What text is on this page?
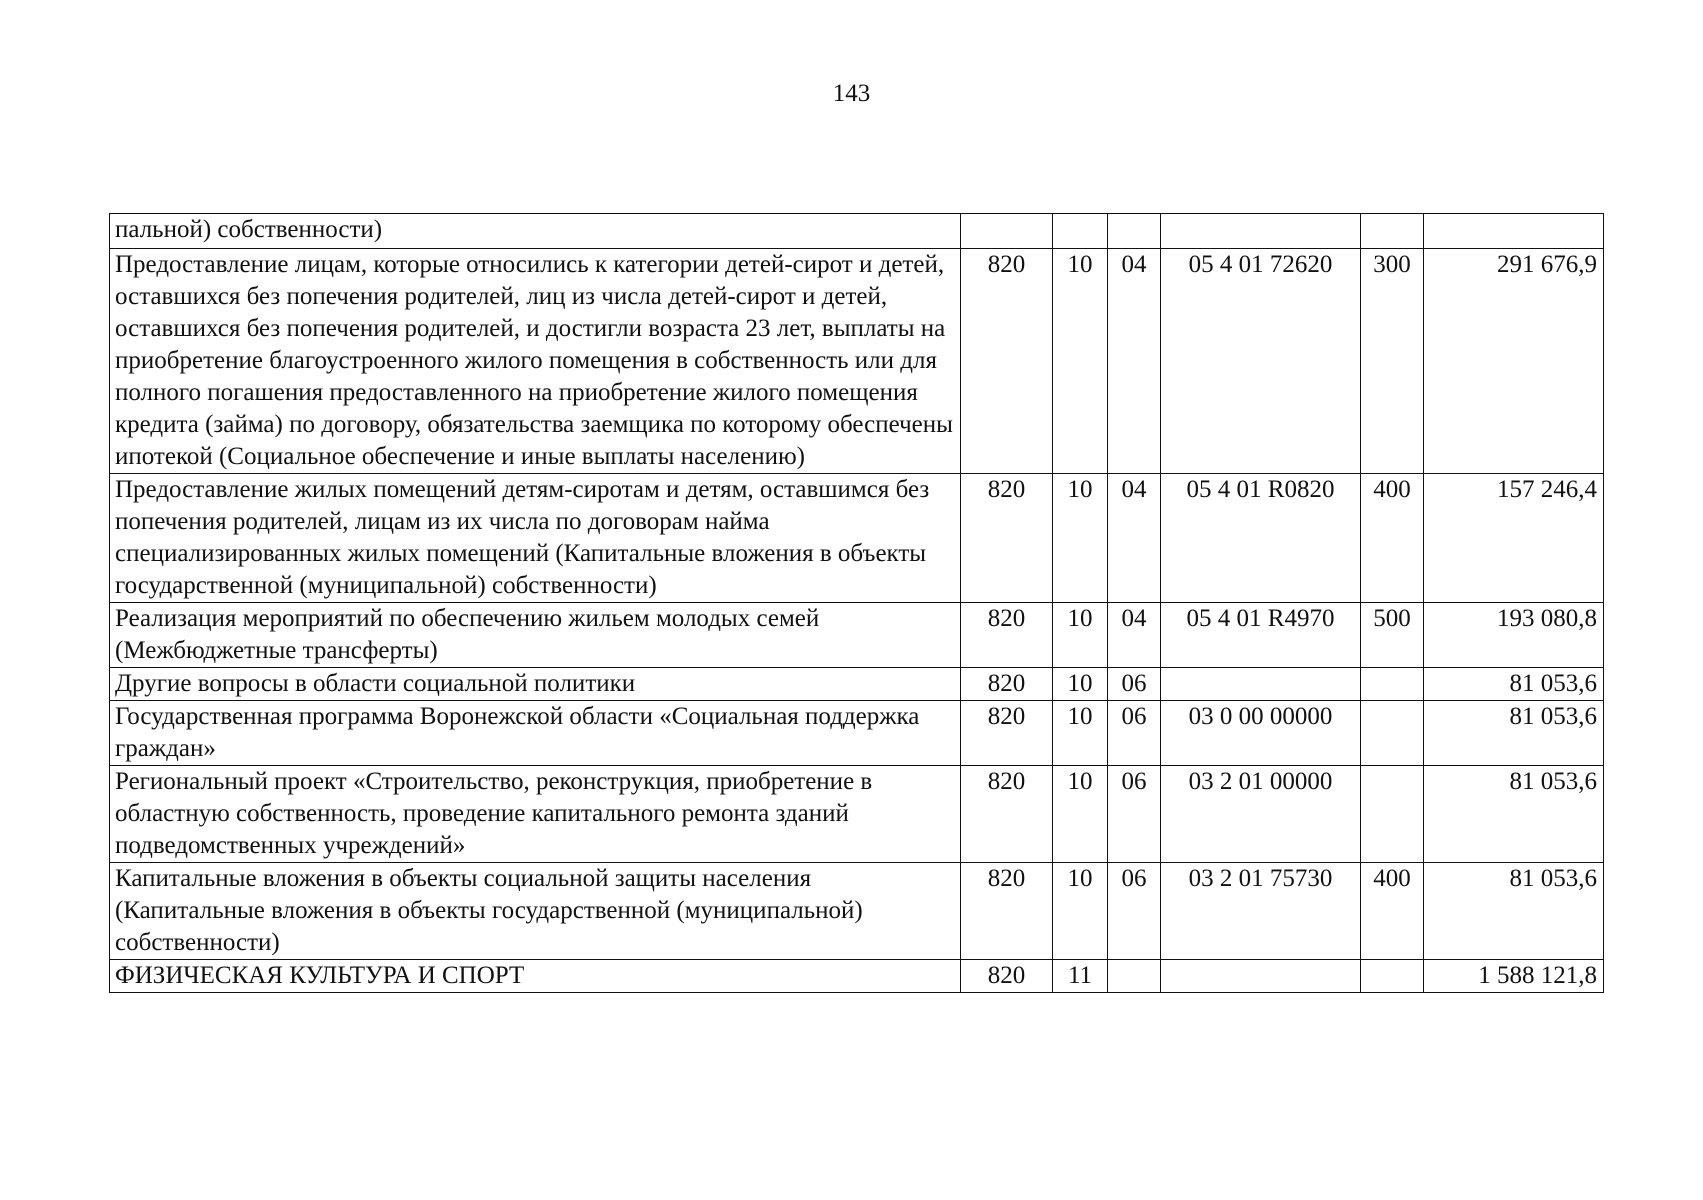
143
пальной) собственности)						
Предоставление лицам, которые относились к категории детей-сирот и детей, оставшихся без попечения родителей, лиц из числа детей-сирот и детей, оставшихся без попечения родителей, и достигли возраста 23 лет, выплаты на приобретение благоустроенного жилого помещения в собственность или для полного погашения предоставленного на приобретение жилого помещения кредита (займа) по договору, обязательства заемщика по которому обеспечены ипотекой (Социальное обеспечение и иные выплаты населению)	820	10	04	05 4 01 72620	300	291 676,9
Предоставление жилых помещений детям-сиротам и детям, оставшимся без попечения родителей, лицам из их числа по договорам найма специализированных жилых помещений (Капитальные вложения в объекты государственной (муниципальной) собственности)	820	10	04	05 4 01 R0820	400	157 246,4
Реализация мероприятий по обеспечению жильем молодых семей (Межбюджетные трансферты)	820	10	04	05 4 01 R4970	500	193 080,8
Другие вопросы в области социальной политики	820	10	06			81 053,6
Государственная программа Воронежской области «Социальная поддержка граждан»	820	10	06	03 0 00 00000		81 053,6
Региональный проект «Строительство, реконструкция, приобретение в областную собственность, проведение капитального ремонта зданий подведомственных учреждений»	820	10	06	03 2 01 00000		81 053,6
Капитальные вложения в объекты социальной защиты населения (Капитальные вложения в объекты государственной (муниципальной) собственности)	820	10	06	03 2 01 75730	400	81 053,6
ФИЗИЧЕСКАЯ КУЛЬТУРА И СПОРТ	820	11				1 588 121,8
